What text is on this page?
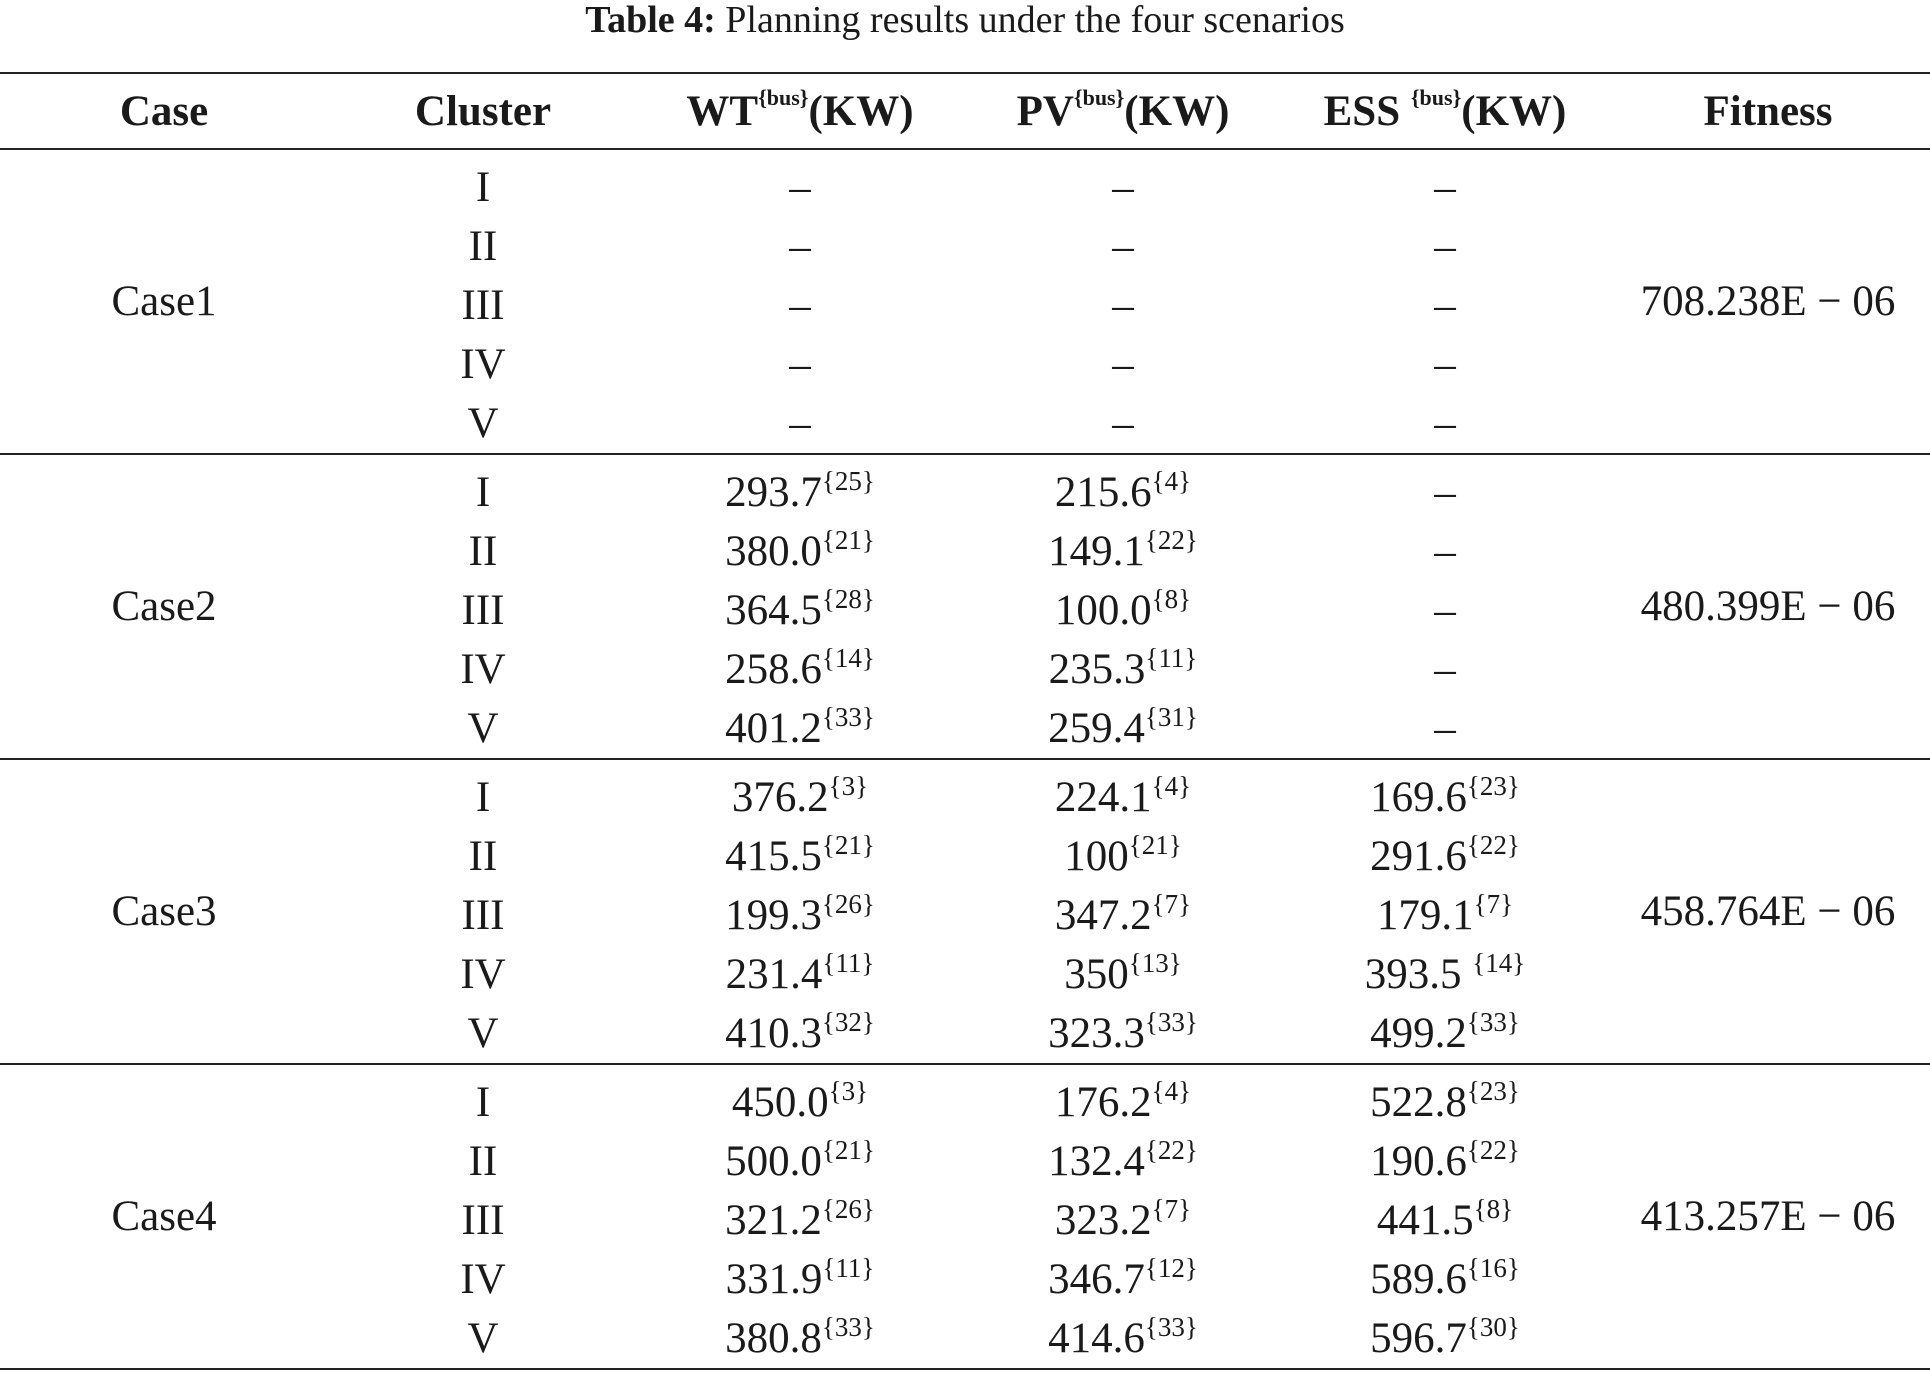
Table 4: Planning results under the four scenarios
Case	Cluster	$WT^{\{bus\}}(KW)$	$PV^{\{bus\}}(KW)$	ESS $^{\{bus\}}$(KW)	Fitness
Case1	I	–	–	–	708.238E − 06
	II	–	–	–	
	III	–	–	–	
	IV	–	–	–	
	V	–	–	–	
Case2	I	$293.7^{\{25\}}$	$215.6^{\{4\}}$	–	480.399E − 06
	II	$380.0^{\{21\}}$	$149.1^{\{22\}}$	–	
	III	$364.5^{\{28\}}$	$100.0^{\{8\}}$	–	
	IV	$258.6^{\{14\}}$	$235.3^{\{11\}}$	–	
	V	$401.2^{\{33\}}$	$259.4^{\{31\}}$	–	
Case3	I	$376.2^{\{3\}}$	$224.1^{\{4\}}$	$169.6^{\{23\}}$	458.764E − 06
	II	$415.5^{\{21\}}$	$100^{\{21\}}$	$291.6^{\{22\}}$
	III	$199.3^{\{26\}}$	$347.2^{\{7\}}$	$179.1^{\{7\}}$
	IV	$231.4^{\{11\}}$	$350^{\{13\}}$	393.5 $^{\{14\}}$
	V	$410.3^{\{32\}}$	$323.3^{\{33\}}$	$499.2^{\{33\}}$
Case4	I	$450.0^{\{3\}}$	$176.2^{\{4\}}$	$522.8^{\{23\}}$	413.257E − 06
	II	$500.0^{\{21\}}$	$132.4^{\{22\}}$	$190.6^{\{22\}}$
	III	$321.2^{\{26\}}$	$323.2^{\{7\}}$	$441.5^{\{8\}}$
	IV	$331.9^{\{11\}}$	$346.7^{\{12\}}$	$589.6^{\{16\}}$
	V	$380.8^{\{33\}}$	$414.6^{\{33\}}$	$596.7^{\{30\}}$
